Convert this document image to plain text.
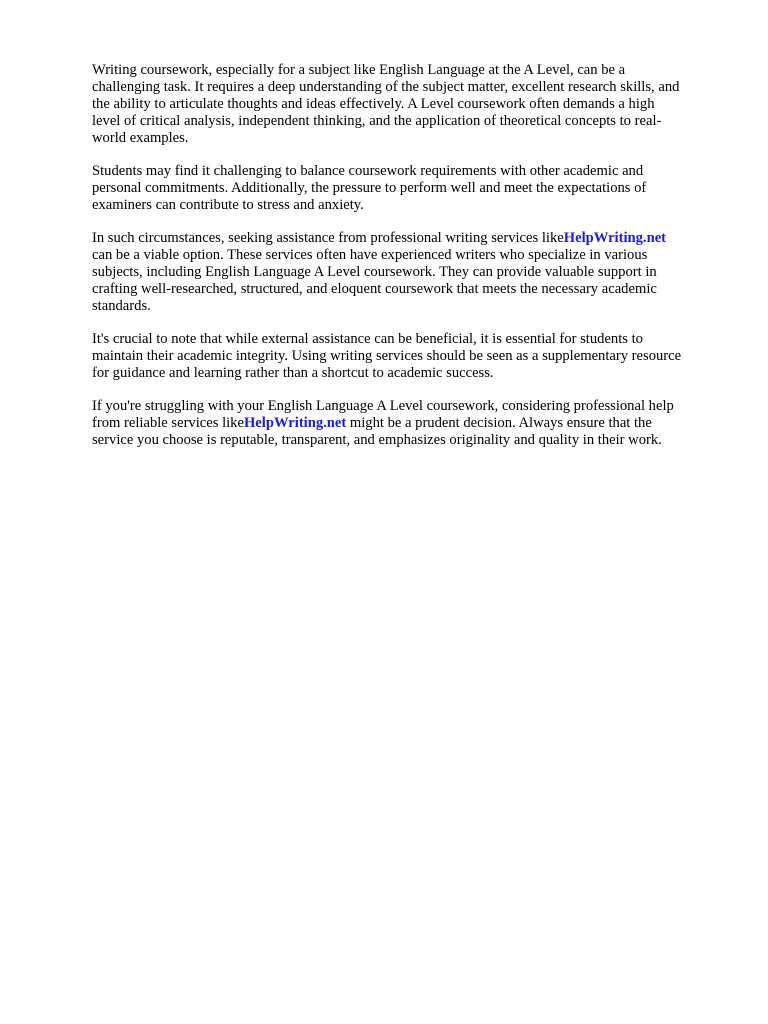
Writing coursework, especially for a subject like English Language at the A Level, can be a
challenging task. It requires a deep understanding of the subject matter, excellent research skills, and
the ability to articulate thoughts and ideas effectively. A Level coursework often demands a high
level of critical analysis, independent thinking, and the application of theoretical concepts to real-
world examples.

Students may find it challenging to balance coursework requirements with other academic and
personal commitments. Additionally, the pressure to perform well and meet the expectations of
examiners can contribute to stress and anxiety.

In such circumstances, seeking assistance from professional writing services likeHelpWriting.net
can be a viable option. These services often have experienced writers who specialize in various
subjects, including English Language A Level coursework. They can provide valuable support in
crafting well-researched, structured, and eloquent coursework that meets the necessary academic
standards.

It's crucial to note that while external assistance can be beneficial, it is essential for students to
maintain their academic integrity. Using writing services should be seen as a supplementary resource
for guidance and learning rather than a shortcut to academic success.

If you're struggling with your English Language A Level coursework, considering professional help
from reliable services likeHelpWriting.net might be a prudent decision. Always ensure that the
service you choose is reputable, transparent, and emphasizes originality and quality in their work.
